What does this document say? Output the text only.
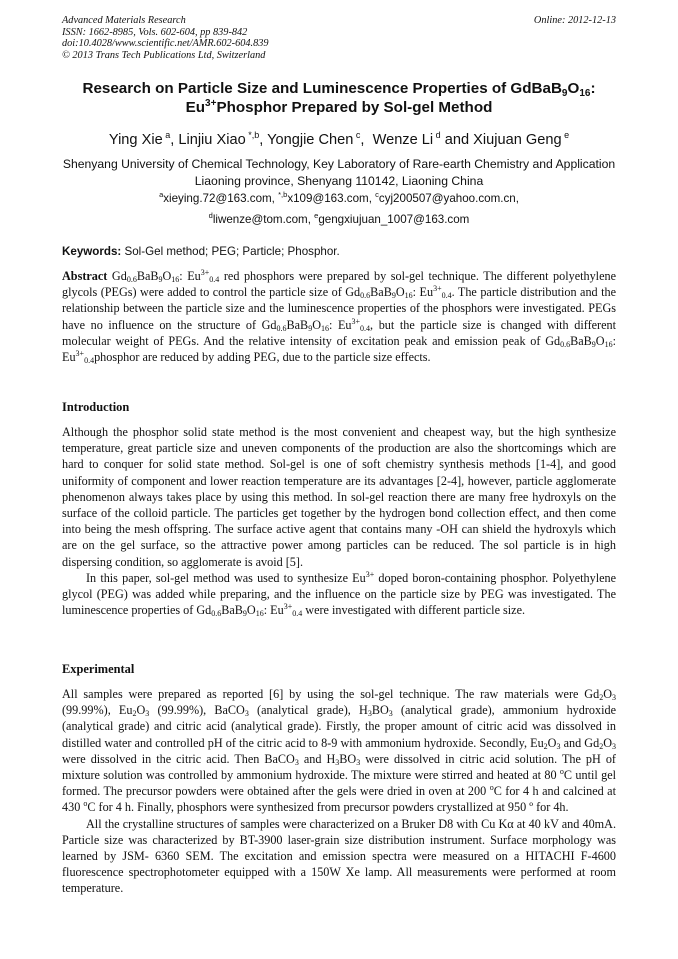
Advanced Materials Research
ISSN: 1662-8985, Vols. 602-604, pp 839-842
doi:10.4028/www.scientific.net/AMR.602-604.839
© 2013 Trans Tech Publications Ltd, Switzerland
Online: 2012-12-13
Research on Particle Size and Luminescence Properties of $GdBaB_9O_{16}$:
$Eu^{3+}Phosphor$ Prepared by Sol-gel Method
Ying Xie $^a$, Linjiu Xiao $^{*,b}$, Yongjie Chen $^c$,  Wenze Li $^d$ and Xiujuan Geng $^e$
Shenyang University of Chemical Technology, Key Laboratory of Rare-earth Chemistry and Application Liaoning province, Shenyang 110142, Liaoning China
$^a$xieying.72@163.com, $^{*,b}$x109@163.com, $^c$cyj200507@yahoo.com.cn,
$^d$liwenze@tom.com, $^e$gengxiujuan_1007@163.com
Keywords: Sol-Gel method; PEG; Particle; Phosphor.

Abstract $Gd_{0.6}BaB_9O_{16}$: $Eu^{3+}_{0.4}$ red phosphors were prepared by sol-gel technique. The different polyethylene glycols (PEGs) were added to control the particle size of $Gd_{0.6}BaB_9O_{16}$: $Eu^{3+}_{0.4}$. The particle distribution and the relationship between the particle size and the luminescence properties of the phosphors were investigated. PEGs have no influence on the structure of $Gd_{0.6}BaB_9O_{16}$: $Eu^{3+}_{0.4}$, but the particle size is changed with different molecular weight of PEGs. And the relative intensity of excitation peak and emission peak of $Gd_{0.6}BaB_9O_{16}$: $Eu^{3+}_{0.4}phosphor$ are reduced by adding PEG, due to the particle size effects.

Introduction

Although the phosphor solid state method is the most convenient and cheapest way, but the high synthesize temperature, great particle size and uneven components of the production are also the shortcomings which are hard to conquer for solid state method. Sol-gel is one of soft chemistry synthesis methods [1-4], and good uniformity of component and lower reaction temperature are its advantages [2-4], however, particle agglomerate phenomenon always takes place by using this method. In sol-gel reaction there are many free hydroxyls on the surface of the colloid particle. The particles get together by the hydrogen bond collection effect, and then come into being the mesh offspring. The surface active agent that contains many -OH can shield the hydroxyls which are on the gel surface, so the attractive power among particles can be reduced. The sol particle is in high dispersing condition, so agglomerate is avoid [5].

In this paper, sol-gel method was used to synthesize $Eu^{3+}$ doped boron-containing phosphor. Polyethylene glycol (PEG) was added while preparing, and the influence on the particle size by PEG was investigated. The luminescence properties of $Gd_{0.6}BaB_9O_{16}$: $Eu^{3+}_{0.4}$ were investigated with different particle size.

Experimental

All samples were prepared as reported [6] by using the sol-gel technique. The raw materials were $Gd_2O_3$ (99.99%), $Eu_2O_3$ (99.99%), BaCO$_3$ (analytical grade), $H_3BO_3$ (analytical grade), ammonium hydroxide (analytical grade) and citric acid (analytical grade). Firstly, the proper amount of citric acid was dissolved in distilled water and controlled pH of the citric acid to 8-9 with ammonium hydroxide. Secondly, $Eu_2O_3$ and $Gd_2O_3$ were dissolved in the citric acid. Then BaCO$_3$ and $H_3BO_3$ were dissolved in citric acid solution. The pH of mixture solution was controlled by ammonium hydroxide. The mixture were stirred and heated at 80 $^o$C until gel formed. The precursor powders were obtained after the gels were dried in oven at 200 $^o$C for 4 h and calcined at 430 $^o$C for 4 h. Finally, phosphors were synthesized from precursor powders crystallized at 950 º for 4h.

All the crystalline structures of samples were characterized on a Bruker D8 with Cu Kα at 40 kV and 40mA. Particle size was characterized by BT-3900 laser-grain size distribution instrument. Surface morphology was learned by JSM- 6360 SEM. The excitation and emission spectra were measured on a HITACHI F-4600 fluorescence spectrophotometer equipped with a 150W Xe lamp. All measurements were performed at room temperature.
